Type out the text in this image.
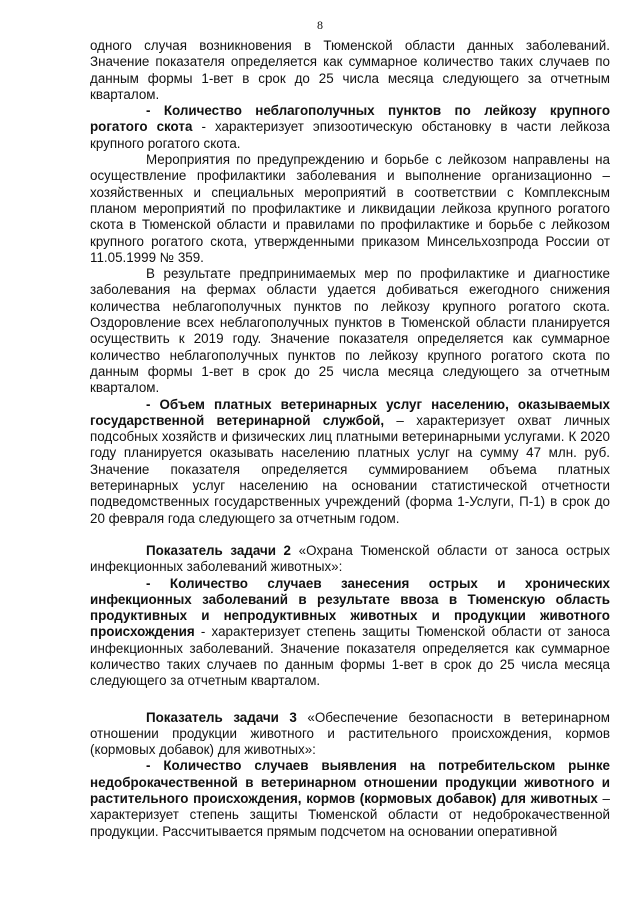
8

одного случая возникновения в Тюменской области данных заболеваний. Значение показателя определяется как суммарное количество таких случаев по данным формы 1-вет в срок до 25 числа месяца следующего за отчетным кварталом.

- Количество неблагополучных пунктов по лейкозу крупного рогатого скота - характеризует эпизоотическую обстановку в части лейкоза крупного рогатого скота.

Мероприятия по предупреждению и борьбе с лейкозом направлены на осуществление профилактики заболевания и выполнение организационно – хозяйственных и специальных мероприятий в соответствии с Комплексным планом мероприятий по профилактике и ликвидации лейкоза крупного рогатого скота в Тюменской области и правилами по профилактике и борьбе с лейкозом крупного рогатого скота, утвержденными приказом Минсельхозпрода России от 11.05.1999 № 359.

В результате предпринимаемых мер по профилактике и диагностике заболевания на фермах области удается добиваться ежегодного снижения количества неблагополучных пунктов по лейкозу крупного рогатого скота. Оздоровление всех неблагополучных пунктов в Тюменской области планируется осуществить к 2019 году. Значение показателя определяется как суммарное количество неблагополучных пунктов по лейкозу крупного рогатого скота по данным формы 1-вет в срок до 25 числа месяца следующего за отчетным кварталом.

- Объем платных ветеринарных услуг населению, оказываемых государственной ветеринарной службой, – характеризует охват личных подсобных хозяйств и физических лиц платными ветеринарными услугами. К 2020 году планируется оказывать населению платных услуг на сумму 47 млн. руб. Значение показателя определяется суммированием объема платных ветеринарных услуг населению на основании статистической отчетности подведомственных государственных учреждений (форма 1-Услуги, П-1) в срок до 20 февраля года следующего за отчетным годом.

Показатель задачи 2 «Охрана Тюменской области от заноса острых инфекционных заболеваний животных»:

- Количество случаев занесения острых и хронических инфекционных заболеваний в результате ввоза в Тюменскую область продуктивных и непродуктивных животных и продукции животного происхождения - характеризует степень защиты Тюменской области от заноса инфекционных заболеваний. Значение показателя определяется как суммарное количество таких случаев по данным формы 1-вет в срок до 25 числа месяца следующего за отчетным кварталом.

Показатель задачи 3 «Обеспечение безопасности в ветеринарном отношении продукции животного и растительного происхождения, кормов (кормовых добавок) для животных»:

- Количество случаев выявления на потребительском рынке недоброкачественной в ветеринарном отношении продукции животного и растительного происхождения, кормов (кормовых добавок) для животных – характеризует степень защиты Тюменской области от недоброкачественной продукции. Рассчитывается прямым подсчетом на основании оперативной
